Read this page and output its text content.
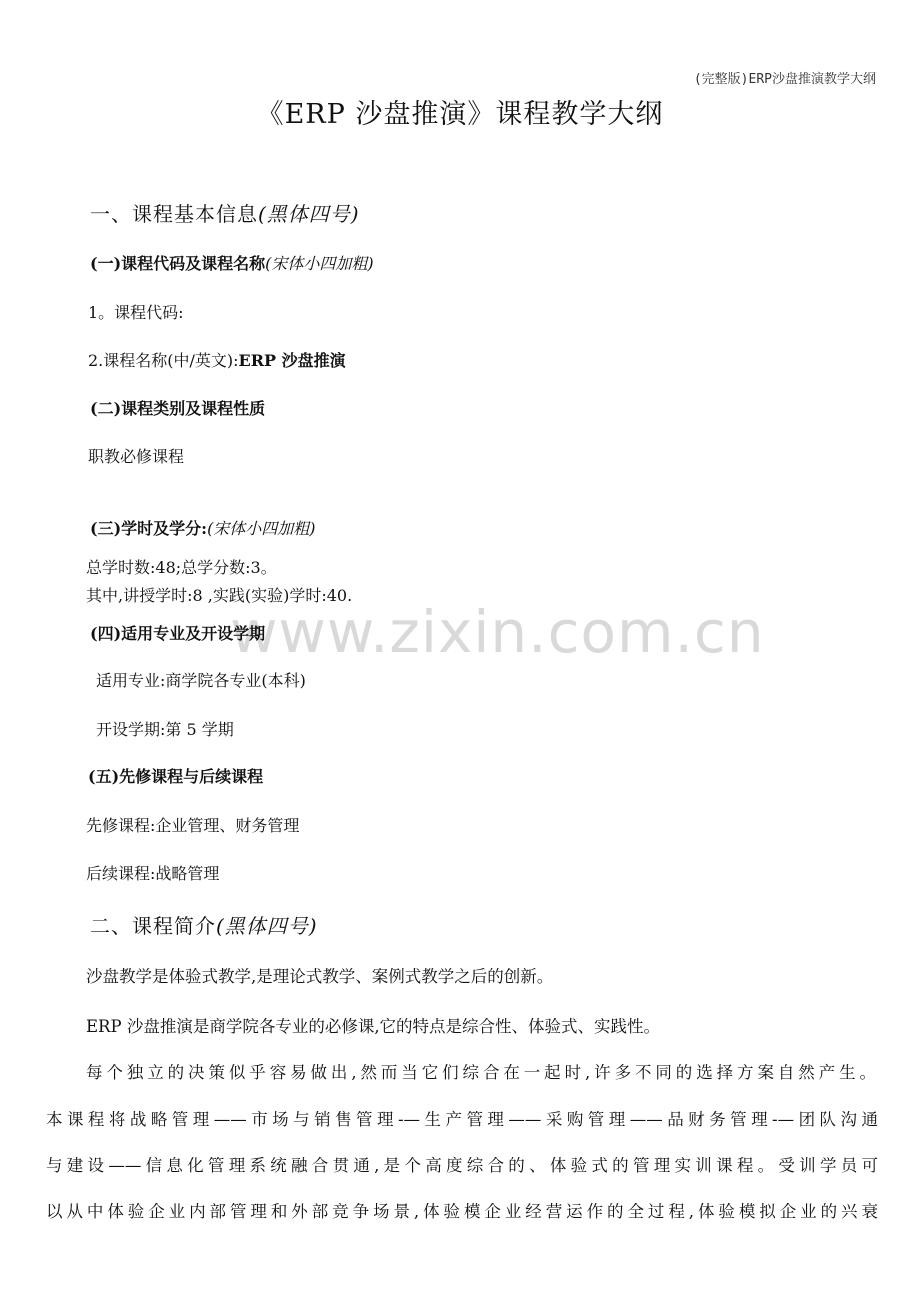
(完整版)ERP沙盘推演教学大纲
《ERP 沙盘推演》课程教学大纲
www.zixin.com.cn
一、课程基本信息(黑体四号)
(一)课程代码及课程名称(宋体小四加粗)
1。课程代码:
2.课程名称(中/英文):ERP 沙盘推演
(二)课程类别及课程性质
职教必修课程
(三)学时及学分:(宋体小四加粗)
总学时数:48;总学分数:3。
其中,讲授学时:8 ,实践(实验)学时:40.
(四)适用专业及开设学期
适用专业:商学院各专业(本科)
开设学期:第 5 学期
(五)先修课程与后续课程
先修课程:企业管理、财务管理
后续课程:战略管理
二、课程简介(黑体四号)
沙盘教学是体验式教学,是理论式教学、案例式教学之后的创新。
ERP 沙盘推演是商学院各专业的必修课,它的特点是综合性、体验式、实践性。
每个独立的决策似乎容易做出,然而当它们综合在一起时,许多不同的选择方案自然产生。
本课程将战略管理——市场与销售管理-—生产管理——采购管理——品财务管理-—团队沟通
与建设——信息化管理系统融合贯通,是个高度综合的、体验式的管理实训课程。受训学员可
以从中体验企业内部管理和外部竞争场景,体验模企业经营运作的全过程,体验模拟企业的兴衰
